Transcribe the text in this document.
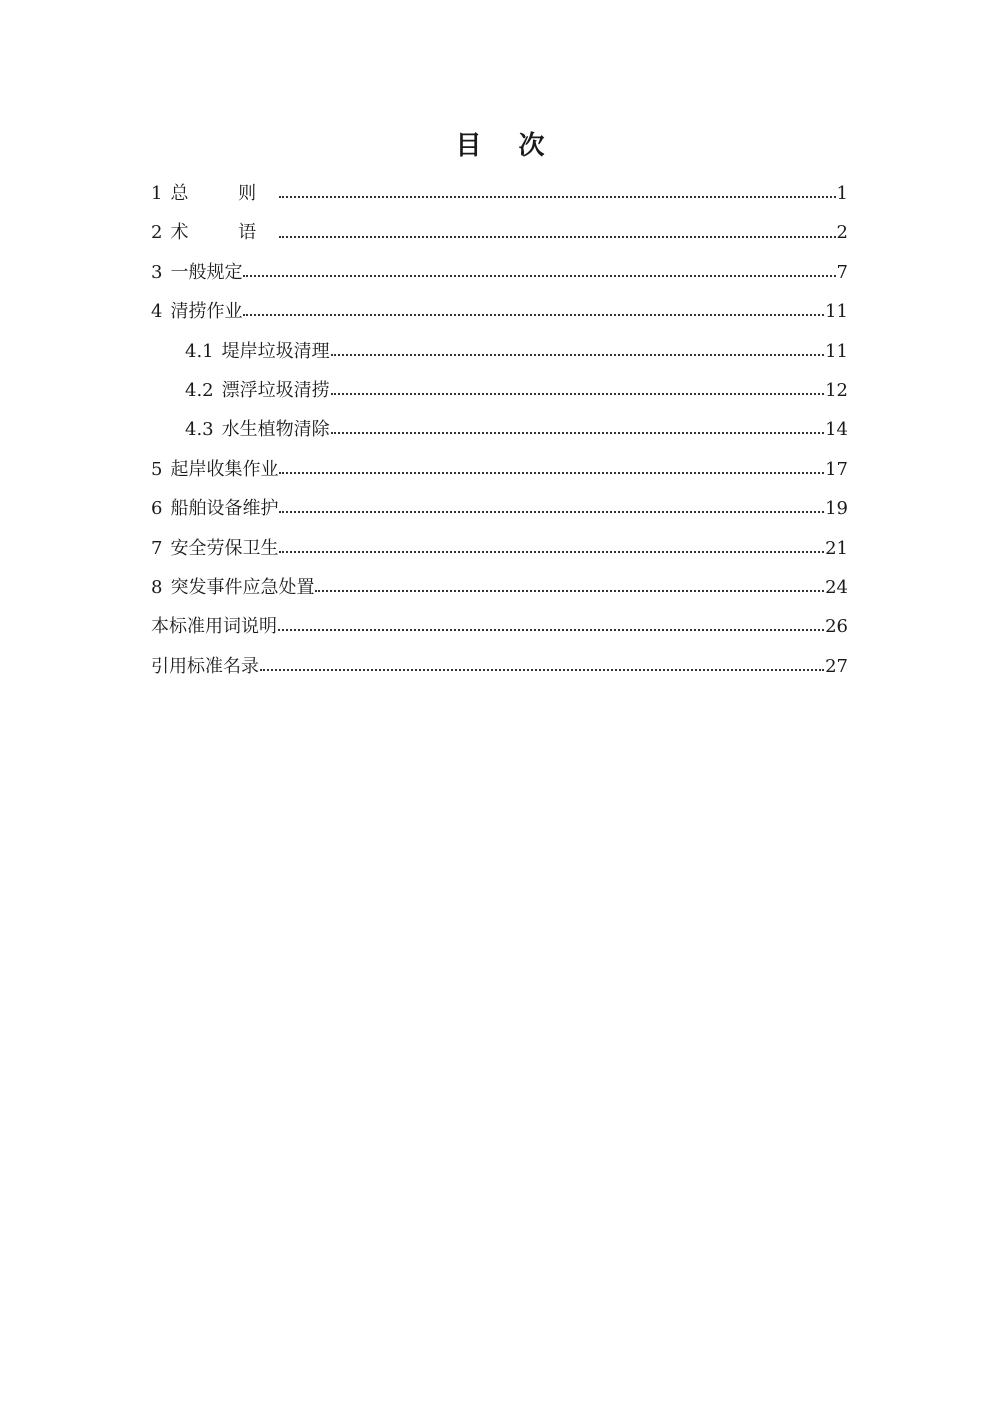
目 次
1 总 则	1
2 术 语	2
3 一般规定	7
4 清捞作业	11
4.1 堤岸垃圾清理	11
4.2 漂浮垃圾清捞	12
4.3 水生植物清除	14
5 起岸收集作业	17
6 船舶设备维护	19
7 安全劳保卫生	21
8 突发事件应急处置	24
本标准用词说明	26
引用标准名录	27
